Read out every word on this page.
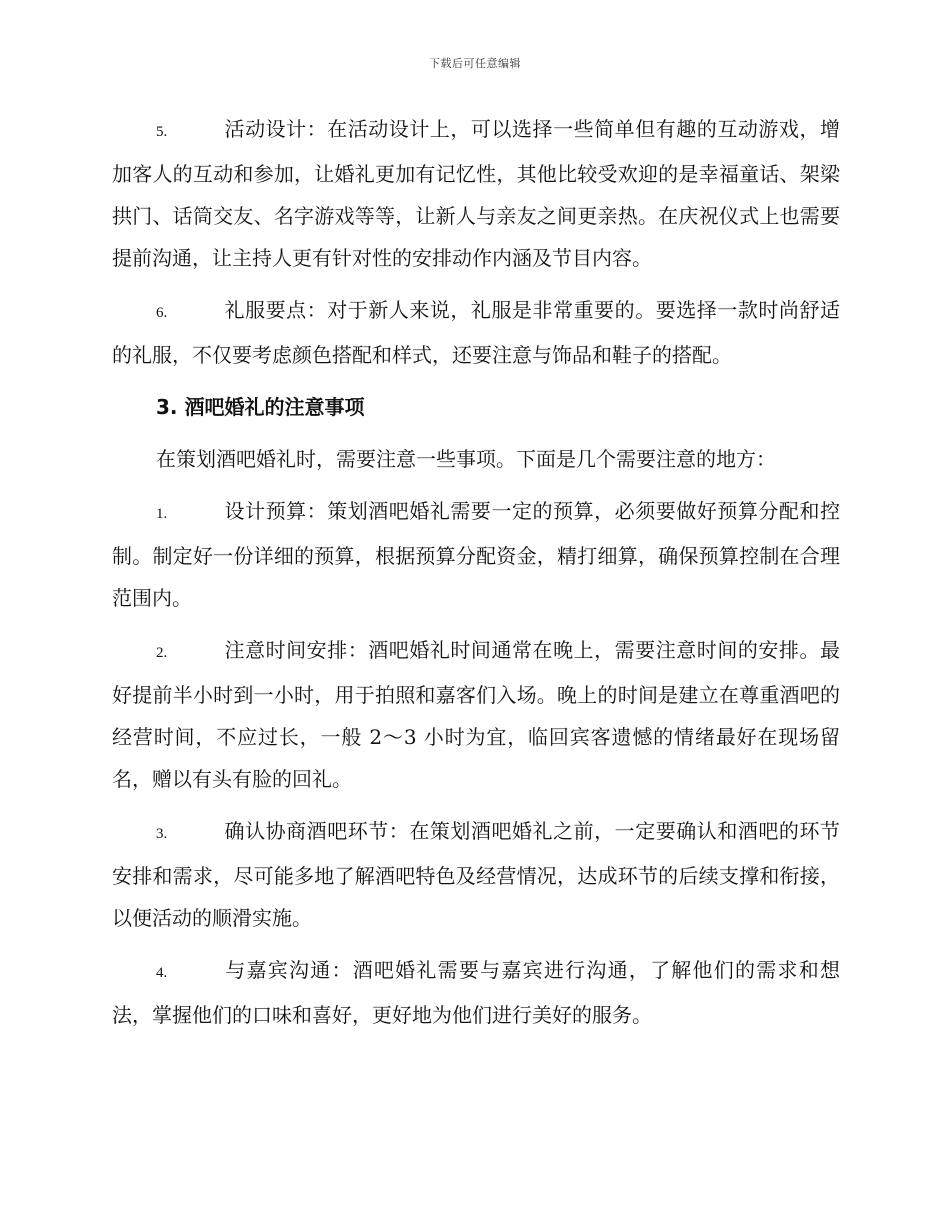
下载后可任意编辑

5.	活动设计：在活动设计上，可以选择一些简单但有趣的互动游戏，增加客人的互动和参加，让婚礼更加有记忆性，其他比较受欢迎的是幸福童话、架梁拱门、话筒交友、名字游戏等等，让新人与亲友之间更亲热。在庆祝仪式上也需要提前沟通，让主持人更有针对性的安排动作内涵及节目内容。

6.	礼服要点：对于新人来说，礼服是非常重要的。要选择一款时尚舒适的礼服，不仅要考虑颜色搭配和样式，还要注意与饰品和鞋子的搭配。

3. 酒吧婚礼的注意事项

在策划酒吧婚礼时，需要注意一些事项。下面是几个需要注意的地方：

1.	设计预算：策划酒吧婚礼需要一定的预算，必须要做好预算分配和控制。制定好一份详细的预算，根据预算分配资金，精打细算，确保预算控制在合理范围内。

2.	注意时间安排：酒吧婚礼时间通常在晚上，需要注意时间的安排。最好提前半小时到一小时，用于拍照和嘉客们入场。晚上的时间是建立在尊重酒吧的经营时间，不应过长，一般 2～3 小时为宜，临回宾客遗憾的情绪最好在现场留名，赠以有头有脸的回礼。

3.	确认协商酒吧环节：在策划酒吧婚礼之前，一定要确认和酒吧的环节安排和需求，尽可能多地了解酒吧特色及经营情况，达成环节的后续支撑和衔接，以便活动的顺滑实施。

4.	与嘉宾沟通：酒吧婚礼需要与嘉宾进行沟通，了解他们的需求和想法，掌握他们的口味和喜好，更好地为他们进行美好的服务。
